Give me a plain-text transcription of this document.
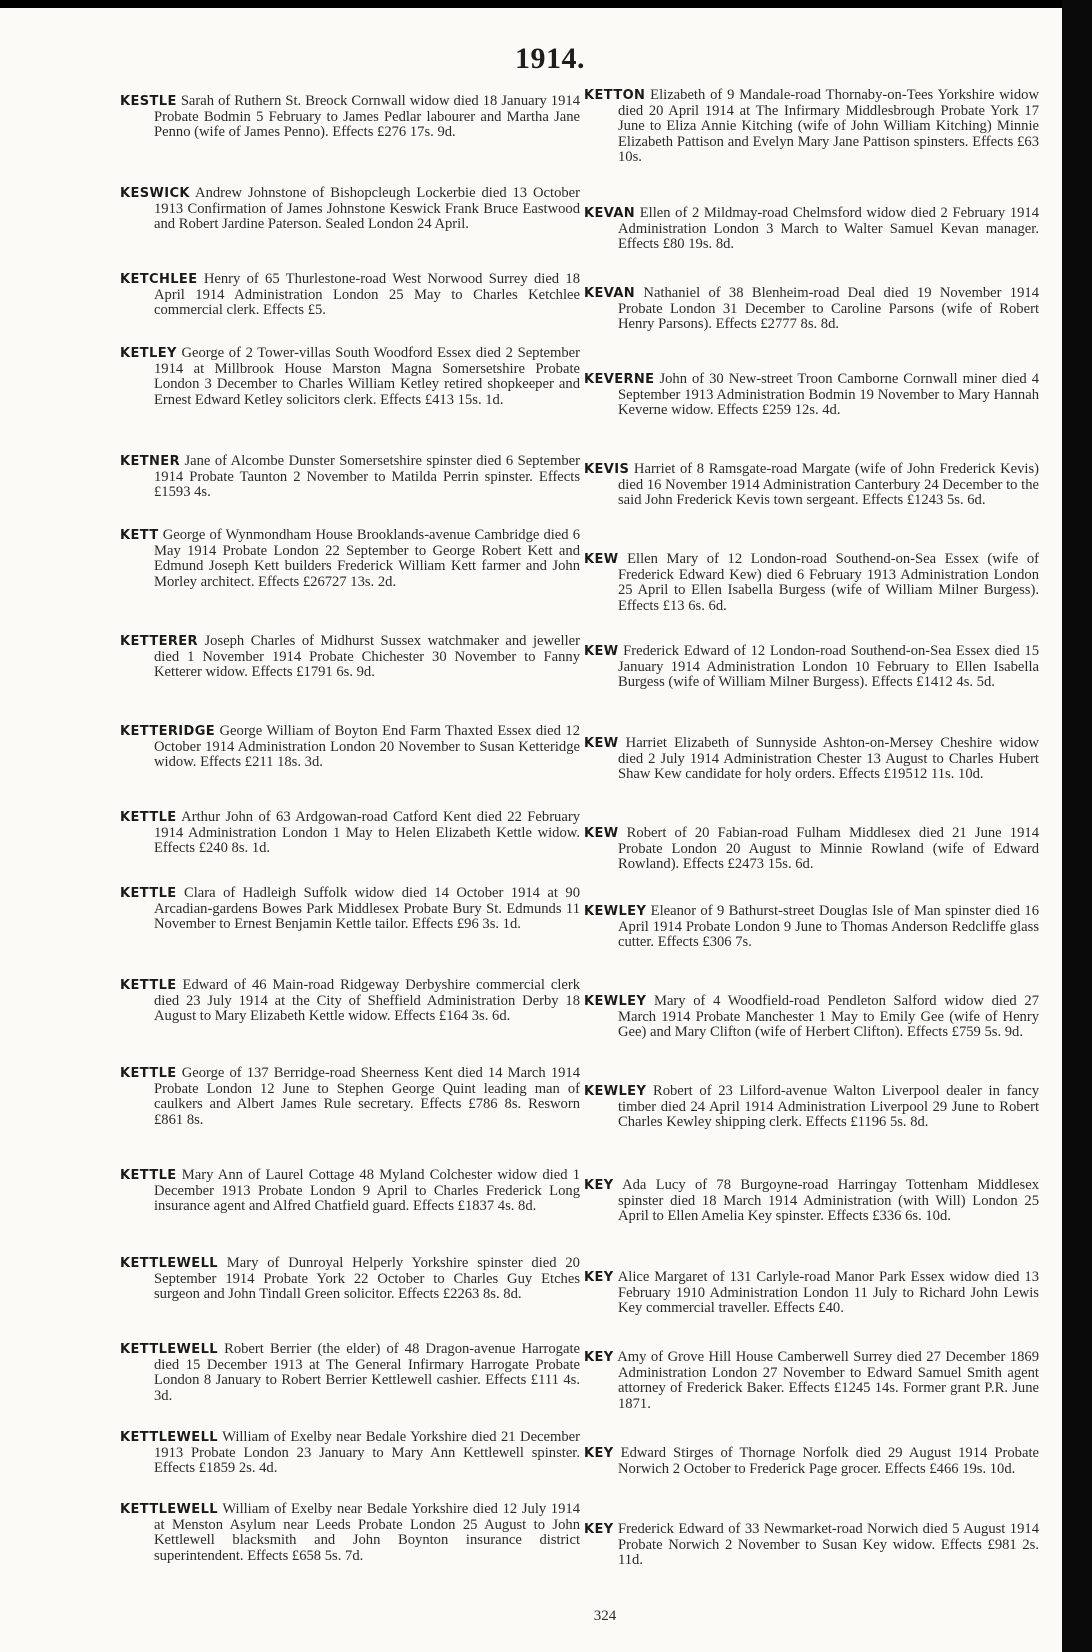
1914.
KESTLE Sarah of Ruthern St. Breock Cornwall widow died 18 January 1914 Probate Bodmin 5 February to James Pedlar labourer and Martha Jane Penno (wife of James Penno). Effects £276 17s. 9d.
KESWICK Andrew Johnstone of Bishopcleugh Lockerbie died 13 October 1913 Confirmation of James Johnstone Keswick Frank Bruce Eastwood and Robert Jardine Paterson. Sealed London 24 April.
KETCHLEE Henry of 65 Thurlestone-road West Norwood Surrey died 18 April 1914 Administration London 25 May to Charles Ketchlee commercial clerk. Effects £5.
KETLEY George of 2 Tower-villas South Woodford Essex died 2 September 1914 at Millbrook House Marston Magna Somersetshire Probate London 3 December to Charles William Ketley retired shopkeeper and Ernest Edward Ketley solicitors clerk. Effects £413 15s. 1d.
KETNER Jane of Alcombe Dunster Somersetshire spinster died 6 September 1914 Probate Taunton 2 November to Matilda Perrin spinster. Effects £1593 4s.
KETT George of Wynmondham House Brooklands-avenue Cambridge died 6 May 1914 Probate London 22 September to George Robert Kett and Edmund Joseph Kett builders Frederick William Kett farmer and John Morley architect. Effects £26727 13s. 2d.
KETTERER Joseph Charles of Midhurst Sussex watchmaker and jeweller died 1 November 1914 Probate Chichester 30 November to Fanny Ketterer widow. Effects £1791 6s. 9d.
KETTERIDGE George William of Boyton End Farm Thaxted Essex died 12 October 1914 Administration London 20 November to Susan Ketteridge widow. Effects £211 18s. 3d.
KETTLE Arthur John of 63 Ardgowan-road Catford Kent died 22 February 1914 Administration London 1 May to Helen Elizabeth Kettle widow. Effects £240 8s. 1d.
KETTLE Clara of Hadleigh Suffolk widow died 14 October 1914 at 90 Arcadian-gardens Bowes Park Middlesex Probate Bury St. Edmunds 11 November to Ernest Benjamin Kettle tailor. Effects £96 3s. 1d.
KETTLE Edward of 46 Main-road Ridgeway Derbyshire commercial clerk died 23 July 1914 at the City of Sheffield Administration Derby 18 August to Mary Elizabeth Kettle widow. Effects £164 3s. 6d.
KETTLE George of 137 Berridge-road Sheerness Kent died 14 March 1914 Probate London 12 June to Stephen George Quint leading man of caulkers and Albert James Rule secretary. Effects £786 8s. Resworn £861 8s.
KETTLE Mary Ann of Laurel Cottage 48 Myland Colchester widow died 1 December 1913 Probate London 9 April to Charles Frederick Long insurance agent and Alfred Chatfield guard. Effects £1837 4s. 8d.
KETTLEWELL Mary of Dunroyal Helperly Yorkshire spinster died 20 September 1914 Probate York 22 October to Charles Guy Etches surgeon and John Tindall Green solicitor. Effects £2263 8s. 8d.
KETTLEWELL Robert Berrier (the elder) of 48 Dragon-avenue Harrogate died 15 December 1913 at The General Infirmary Harrogate Probate London 8 January to Robert Berrier Kettlewell cashier. Effects £111 4s. 3d.
KETTLEWELL William of Exelby near Bedale Yorkshire died 21 December 1913 Probate London 23 January to Mary Ann Kettlewell spinster. Effects £1859 2s. 4d.
KETTLEWELL William of Exelby near Bedale Yorkshire died 12 July 1914 at Menston Asylum near Leeds Probate London 25 August to John Kettlewell blacksmith and John Boynton insurance district superintendent. Effects £658 5s. 7d.
KETTON Elizabeth of 9 Mandale-road Thornaby-on-Tees Yorkshire widow died 20 April 1914 at The Infirmary Middlesbrough Probate York 17 June to Eliza Annie Kitching (wife of John William Kitching) Minnie Elizabeth Pattison and Evelyn Mary Jane Pattison spinsters. Effects £63 10s.
KEVAN Ellen of 2 Mildmay-road Chelmsford widow died 2 February 1914 Administration London 3 March to Walter Samuel Kevan manager. Effects £80 19s. 8d.
KEVAN Nathaniel of 38 Blenheim-road Deal died 19 November 1914 Probate London 31 December to Caroline Parsons (wife of Robert Henry Parsons). Effects £2777 8s. 8d.
KEVERNE John of 30 New-street Troon Camborne Cornwall miner died 4 September 1913 Administration Bodmin 19 November to Mary Hannah Keverne widow. Effects £259 12s. 4d.
KEVIS Harriet of 8 Ramsgate-road Margate (wife of John Frederick Kevis) died 16 November 1914 Administration Canterbury 24 December to the said John Frederick Kevis town sergeant. Effects £1243 5s. 6d.
KEW Ellen Mary of 12 London-road Southend-on-Sea Essex (wife of Frederick Edward Kew) died 6 February 1913 Administration London 25 April to Ellen Isabella Burgess (wife of William Milner Burgess). Effects £13 6s. 6d.
KEW Frederick Edward of 12 London-road Southend-on-Sea Essex died 15 January 1914 Administration London 10 February to Ellen Isabella Burgess (wife of William Milner Burgess). Effects £1412 4s. 5d.
KEW Harriet Elizabeth of Sunnyside Ashton-on-Mersey Cheshire widow died 2 July 1914 Administration Chester 13 August to Charles Hubert Shaw Kew candidate for holy orders. Effects £19512 11s. 10d.
KEW Robert of 20 Fabian-road Fulham Middlesex died 21 June 1914 Probate London 20 August to Minnie Rowland (wife of Edward Rowland). Effects £2473 15s. 6d.
KEWLEY Eleanor of 9 Bathurst-street Douglas Isle of Man spinster died 16 April 1914 Probate London 9 June to Thomas Anderson Redcliffe glass cutter. Effects £306 7s.
KEWLEY Mary of 4 Woodfield-road Pendleton Salford widow died 27 March 1914 Probate Manchester 1 May to Emily Gee (wife of Henry Gee) and Mary Clifton (wife of Herbert Clifton). Effects £759 5s. 9d.
KEWLEY Robert of 23 Lilford-avenue Walton Liverpool dealer in fancy timber died 24 April 1914 Administration Liverpool 29 June to Robert Charles Kewley shipping clerk. Effects £1196 5s. 8d.
KEY Ada Lucy of 78 Burgoyne-road Harringay Tottenham Middlesex spinster died 18 March 1914 Administration (with Will) London 25 April to Ellen Amelia Key spinster. Effects £336 6s. 10d.
KEY Alice Margaret of 131 Carlyle-road Manor Park Essex widow died 13 February 1910 Administration London 11 July to Richard John Lewis Key commercial traveller. Effects £40.
KEY Amy of Grove Hill House Camberwell Surrey died 27 December 1869 Administration London 27 November to Edward Samuel Smith agent attorney of Frederick Baker. Effects £1245 14s. Former grant P.R. June 1871.
KEY Edward Stirges of Thornage Norfolk died 29 August 1914 Probate Norwich 2 October to Frederick Page grocer. Effects £466 19s. 10d.
KEY Frederick Edward of 33 Newmarket-road Norwich died 5 August 1914 Probate Norwich 2 November to Susan Key widow. Effects £981 2s. 11d.
324
